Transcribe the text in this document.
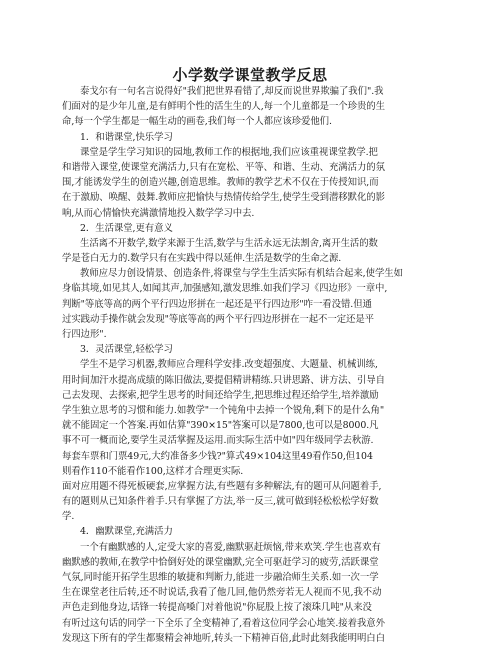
小学数学课堂教学反思
泰戈尔有一句名言说得好"我们把世界看错了,却反而说世界欺骗了我们".我
们面对的是少年儿童,是有鲜明个性的活生生的人,每一个儿童都是一个珍贵的生
命,每一个学生都是一幅生动的画卷,我们每一个人都应该珍爱他们.
1．和谐课堂,快乐学习
课堂是学生学习知识的园地,教师工作的根据地,我们应该重视课堂教学.把
和谐带入课堂,使课堂充满活力,只有在宽松、平等、和谐、生动、充满活力的氛
围,才能诱发学生的创造兴趣,创造思维。教师的教学艺术不仅在于传授知识,而
在于激励、唤醒、鼓舞.教师应把愉快与热情传给学生,使学生受到潜移默化的影
响,从而心情愉快充满激情地投入数学学习中去.
2．生活课堂,更有意义
生活离不开数学,数学来源于生活,数学与生活永远无法割舍,离开生活的数
学是苍白无力的.数学只有在实践中得以延伸.生活是数学的生命之源.
教师应尽力创设情景、创造条件,将课堂与学生生活实际有机结合起来,使学生如
身临其境,如见其人,如闻其声,加强感知,激发思维.如我们学习《四边形》一章中,
判断"等底等高的两个平行四边形拼在一起还是平行四边形"咋一看没错.但通
过实践动手操作就会发现"等底等高的两个平行四边形拼在一起不一定还是平
行四边形".
3．灵活课堂,轻松学习
学生不是学习机器,教师应合理科学安排.改变超强度、大题量、机械训练,
用时间加汗水提高成绩的陈旧做法,要提倡精讲精练.只讲思路、讲方法、引导自
己去发现、去探索,把学生思考的时间还给学生,把思维过程还给学生,培养激励
学生独立思考的习惯和能力.如教学"一个钝角中去掉一个锐角,剩下的是什么角"
就不能固定一个答案.再如估算"390×15"答案可以是7800,也可以是8000.凡
事不可一概而论,要学生灵活掌握及运用.而实际生活中如"四年级同学去秋游.
每套车票和门票49元,大约准备多少钱?"算式49×104这里49看作50,但104
则看作110不能看作100,这样才合理更实际.
面对应用题不得死板硬套,应掌握方法,有些题有多种解法,有的题可从问题着手,
有的题则从已知条件着手.只有掌握了方法,举一反三,就可做到轻松松松学好数
学.
4．幽默课堂,充满活力
一个有幽默感的人,定受大家的喜爱,幽默驱赶烦恼,带来欢笑.学生也喜欢有
幽默感的教师,在教学中恰倒好处的课堂幽默,完全可驱赶学习的疲劳,活跃课堂
气氛,同时能开拓学生思维的敏捷和判断力,能进一步融洽师生关系.如一次一学
生在课堂老往后转,还不时说话,我看了他几回,他仍然旁若无人视而不见,我不动
声色走到他身边,话锋一转提高嗓门对着他说"你屁股上按了滚珠几吨"从来没
有听过这句话的同学一下全乐了全变精神了,看着这位同学会心地笑.接着我意外
发现这下所有的学生都聚精会神地听,转头一下精神百倍,此时此刻我能明明白白
